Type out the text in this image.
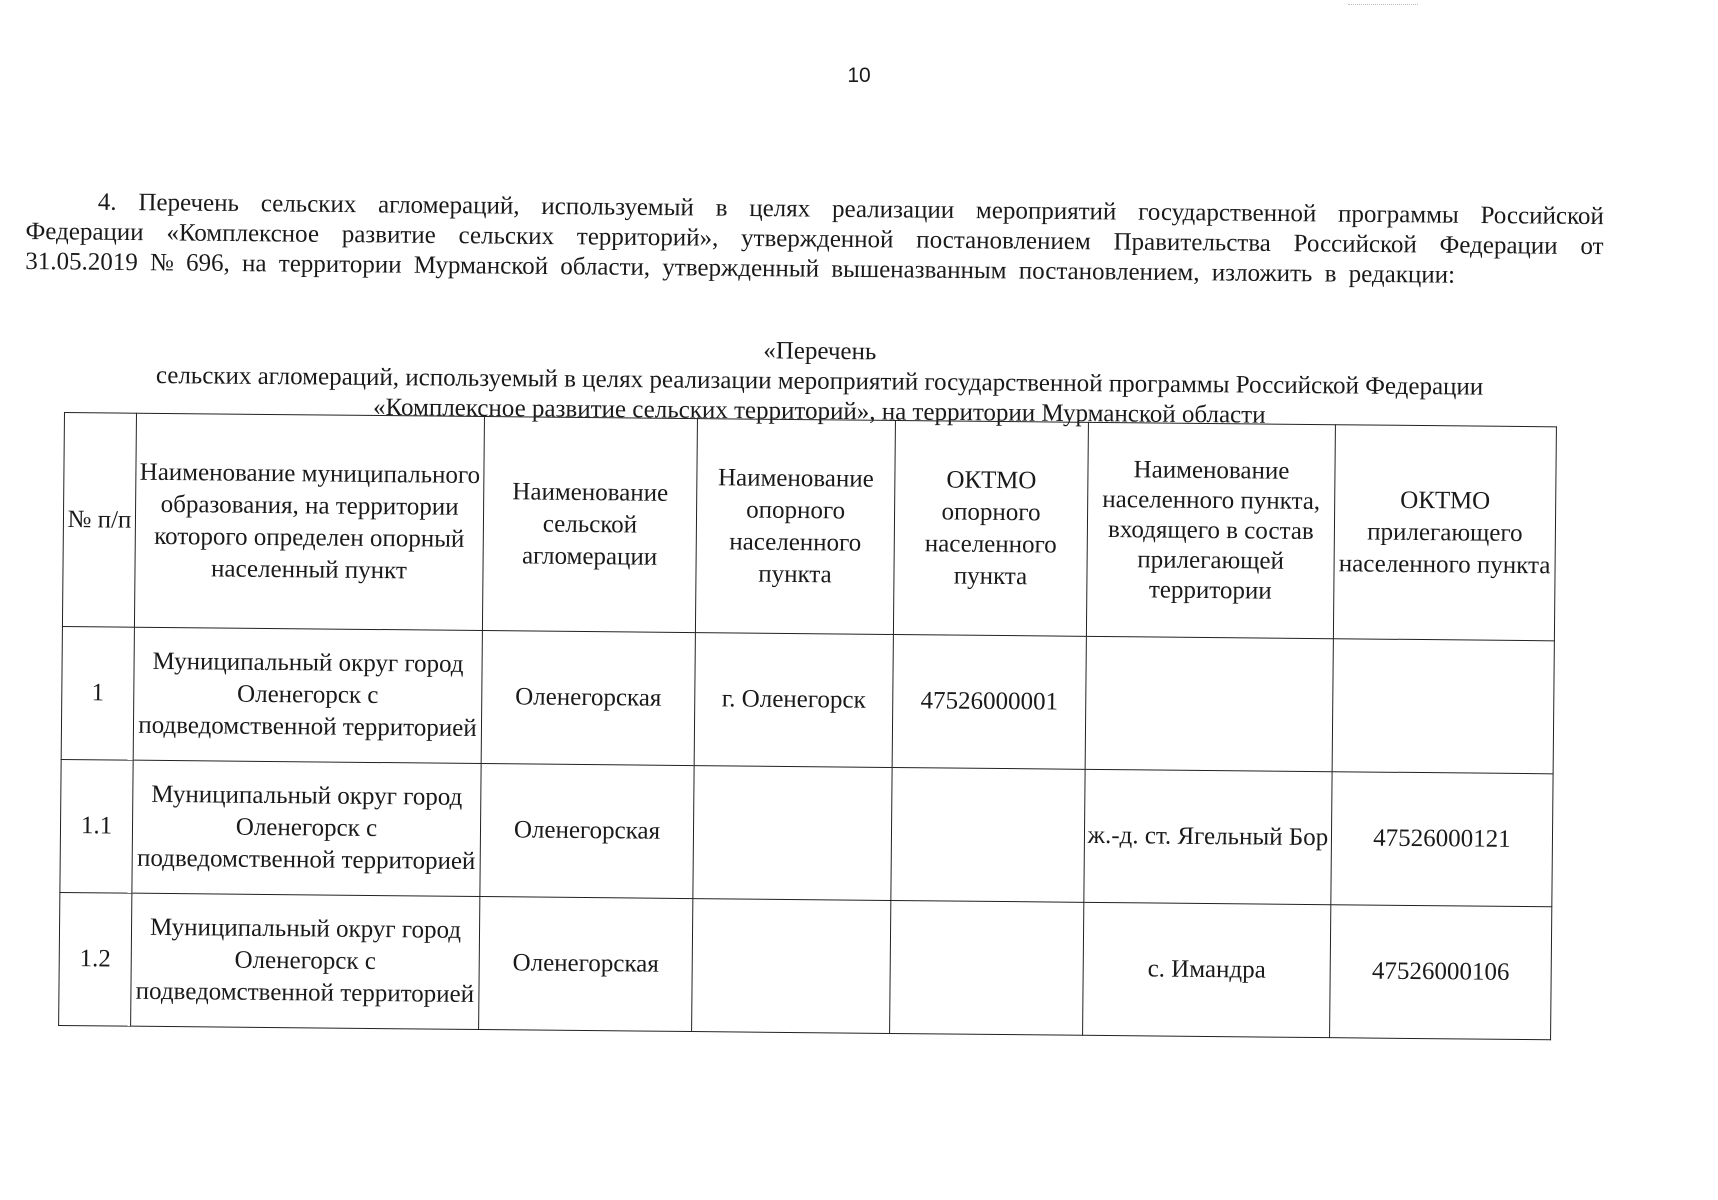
10

4. Перечень сельских агломераций, используемый в целях реализации мероприятий государственной программы Российской Федерации «Комплексное развитие сельских территорий», утвержденной постановлением Правительства Российской Федерации от 31.05.2019 № 696, на территории Мурманской области, утвержденный вышеназванным постановлением, изложить в редакции:

«Перечень
сельских агломераций, используемый в целях реализации мероприятий государственной программы Российской Федерации
«Комплексное развитие сельских территорий», на территории Мурманской области
№ п/п	Наименование муниципального образования, на территории которого определен опорный населенный пункт	Наименование сельской агломерации	Наименование опорного населенного пункта	ОКТМО опорного населенного пункта	Наименование населенного пункта, входящего в состав прилегающей территории	ОКТМО прилегающего населенного пункта
1	Муниципальный округ город Оленегорск с подведомственной территорией	Оленегорская	г. Оленегорск	47526000001		
1.1	Муниципальный округ город Оленегорск с подведомственной территорией	Оленегорская			ж.-д. ст. Ягельный Бор	47526000121
1.2	Муниципальный округ город Оленегорск с подведомственной территорией	Оленегорская			с. Имандра	47526000106
